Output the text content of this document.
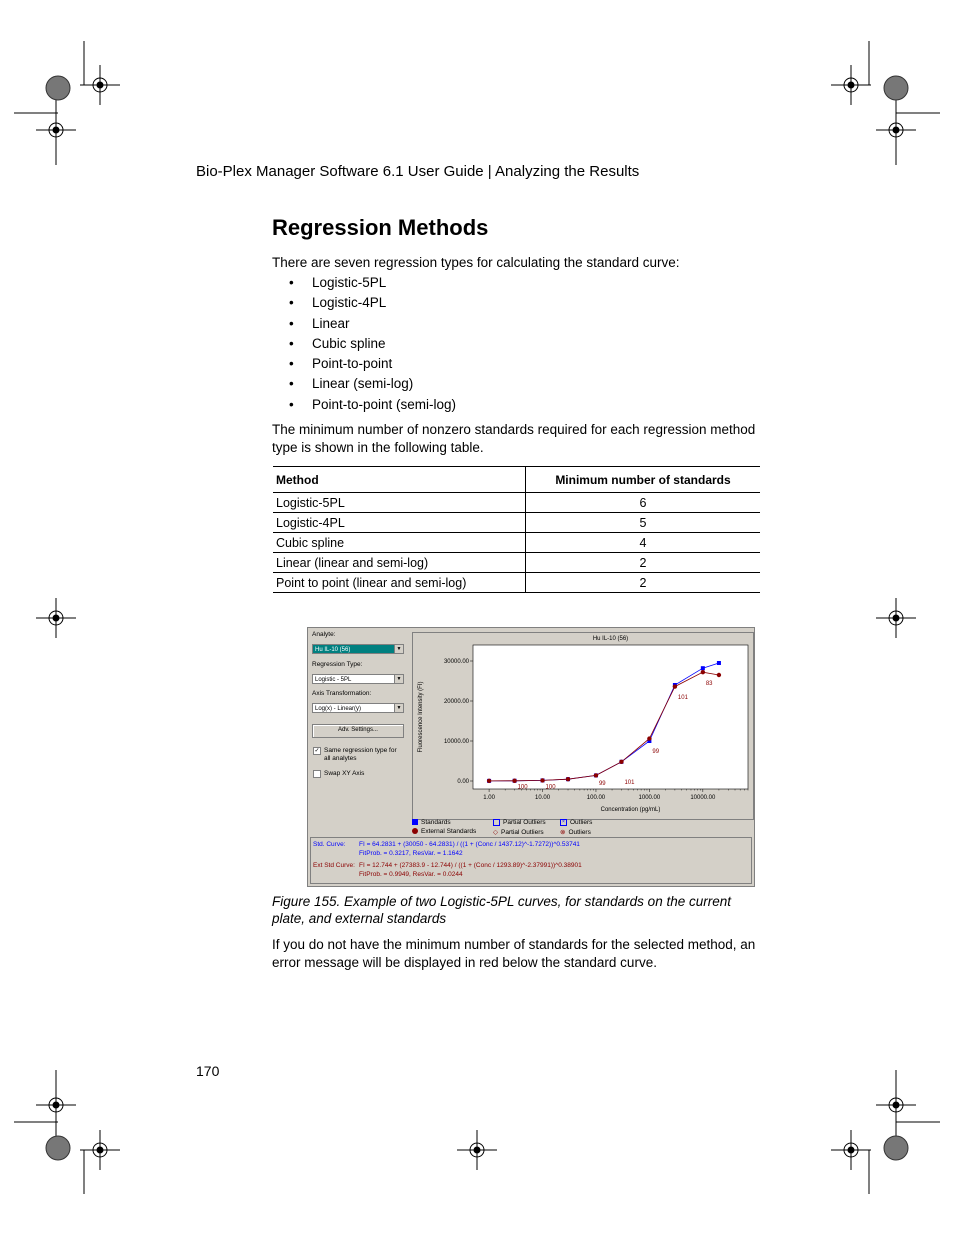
Bio-Plex Manager Software 6.1 User Guide | Analyzing the Results
Regression Methods
There are seven regression types for calculating the standard curve:
• Logistic-5PL
• Logistic-4PL
• Linear
• Cubic spline
• Point-to-point
• Linear (semi-log)
• Point-to-point (semi-log)
The minimum number of nonzero standards required for each regression method type is shown in the following table.
Method	Minimum number of standards
Logistic-5PL	6
Logistic-4PL	5
Cubic spline	4
Linear (linear and semi-log)	2
Point to point (linear and semi-log)	2
Analyte:
Hu IL-10 (56)	▼
Regression Type:
Logistic - 5PL	▼
Axis Transformation:
Log(x) - Linear(y)	▼
Adv. Settings...
✓ Same regression type for all analytes
Swap XY Axis
Hu IL-10 (56)
0.00
10000.00
20000.00
30000.00
1.00	10.00	100.00	1000.00	10000.00
Concentration (pg/mL)
Fluorescence Intensity (FI)
100	100
99	101
99
101
83
Standards	Partial Outliers	× Outliers
External Standards	◇ Partial Outliers	⊗ Outliers
Std. Curve: FI = 64.2831 + (30050 - 64.2831) / ((1 + (Conc / 1437.12)^-1.7272))^0.53741
FitProb. = 0.3217, ResVar. = 1.1642
Ext Std Curve: FI = 12.744 + (27383.9 - 12.744) / ((1 + (Conc / 1293.89)^-2.37991))^0.38901
FitProb. = 0.9949, ResVar. = 0.0244
Figure 155. Example of two Logistic-5PL curves, for standards on the current plate, and external standards
If you do not have the minimum number of standards for the selected method, an error message will be displayed in red below the standard curve.
170
